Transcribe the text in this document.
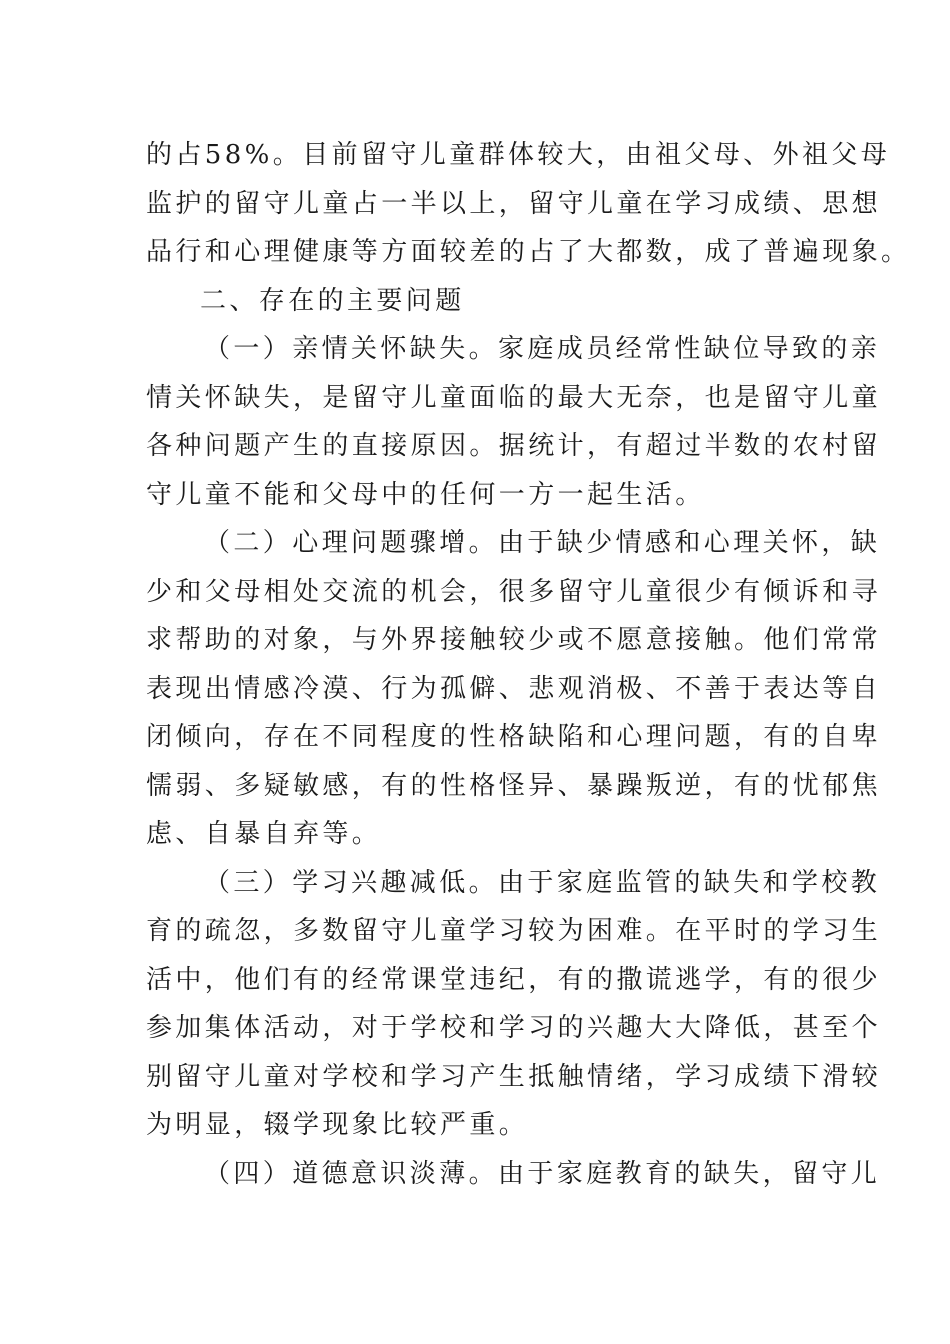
的占58%。目前留守儿童群体较大，由祖父母、外祖父母
监护的留守儿童占一半以上，留守儿童在学习成绩、思想
品行和心理健康等方面较差的占了大都数，成了普遍现象。
二、存在的主要问题
（一）亲情关怀缺失。家庭成员经常性缺位导致的亲
情关怀缺失，是留守儿童面临的最大无奈，也是留守儿童
各种问题产生的直接原因。据统计，有超过半数的农村留
守儿童不能和父母中的任何一方一起生活。
（二）心理问题骤增。由于缺少情感和心理关怀，缺
少和父母相处交流的机会，很多留守儿童很少有倾诉和寻
求帮助的对象，与外界接触较少或不愿意接触。他们常常
表现出情感冷漠、行为孤僻、悲观消极、不善于表达等自
闭倾向，存在不同程度的性格缺陷和心理问题，有的自卑
懦弱、多疑敏感，有的性格怪异、暴躁叛逆，有的忧郁焦
虑、自暴自弃等。
（三）学习兴趣减低。由于家庭监管的缺失和学校教
育的疏忽，多数留守儿童学习较为困难。在平时的学习生
活中，他们有的经常课堂违纪，有的撒谎逃学，有的很少
参加集体活动，对于学校和学习的兴趣大大降低，甚至个
别留守儿童对学校和学习产生抵触情绪，学习成绩下滑较
为明显，辍学现象比较严重。
（四）道德意识淡薄。由于家庭教育的缺失，留守儿
